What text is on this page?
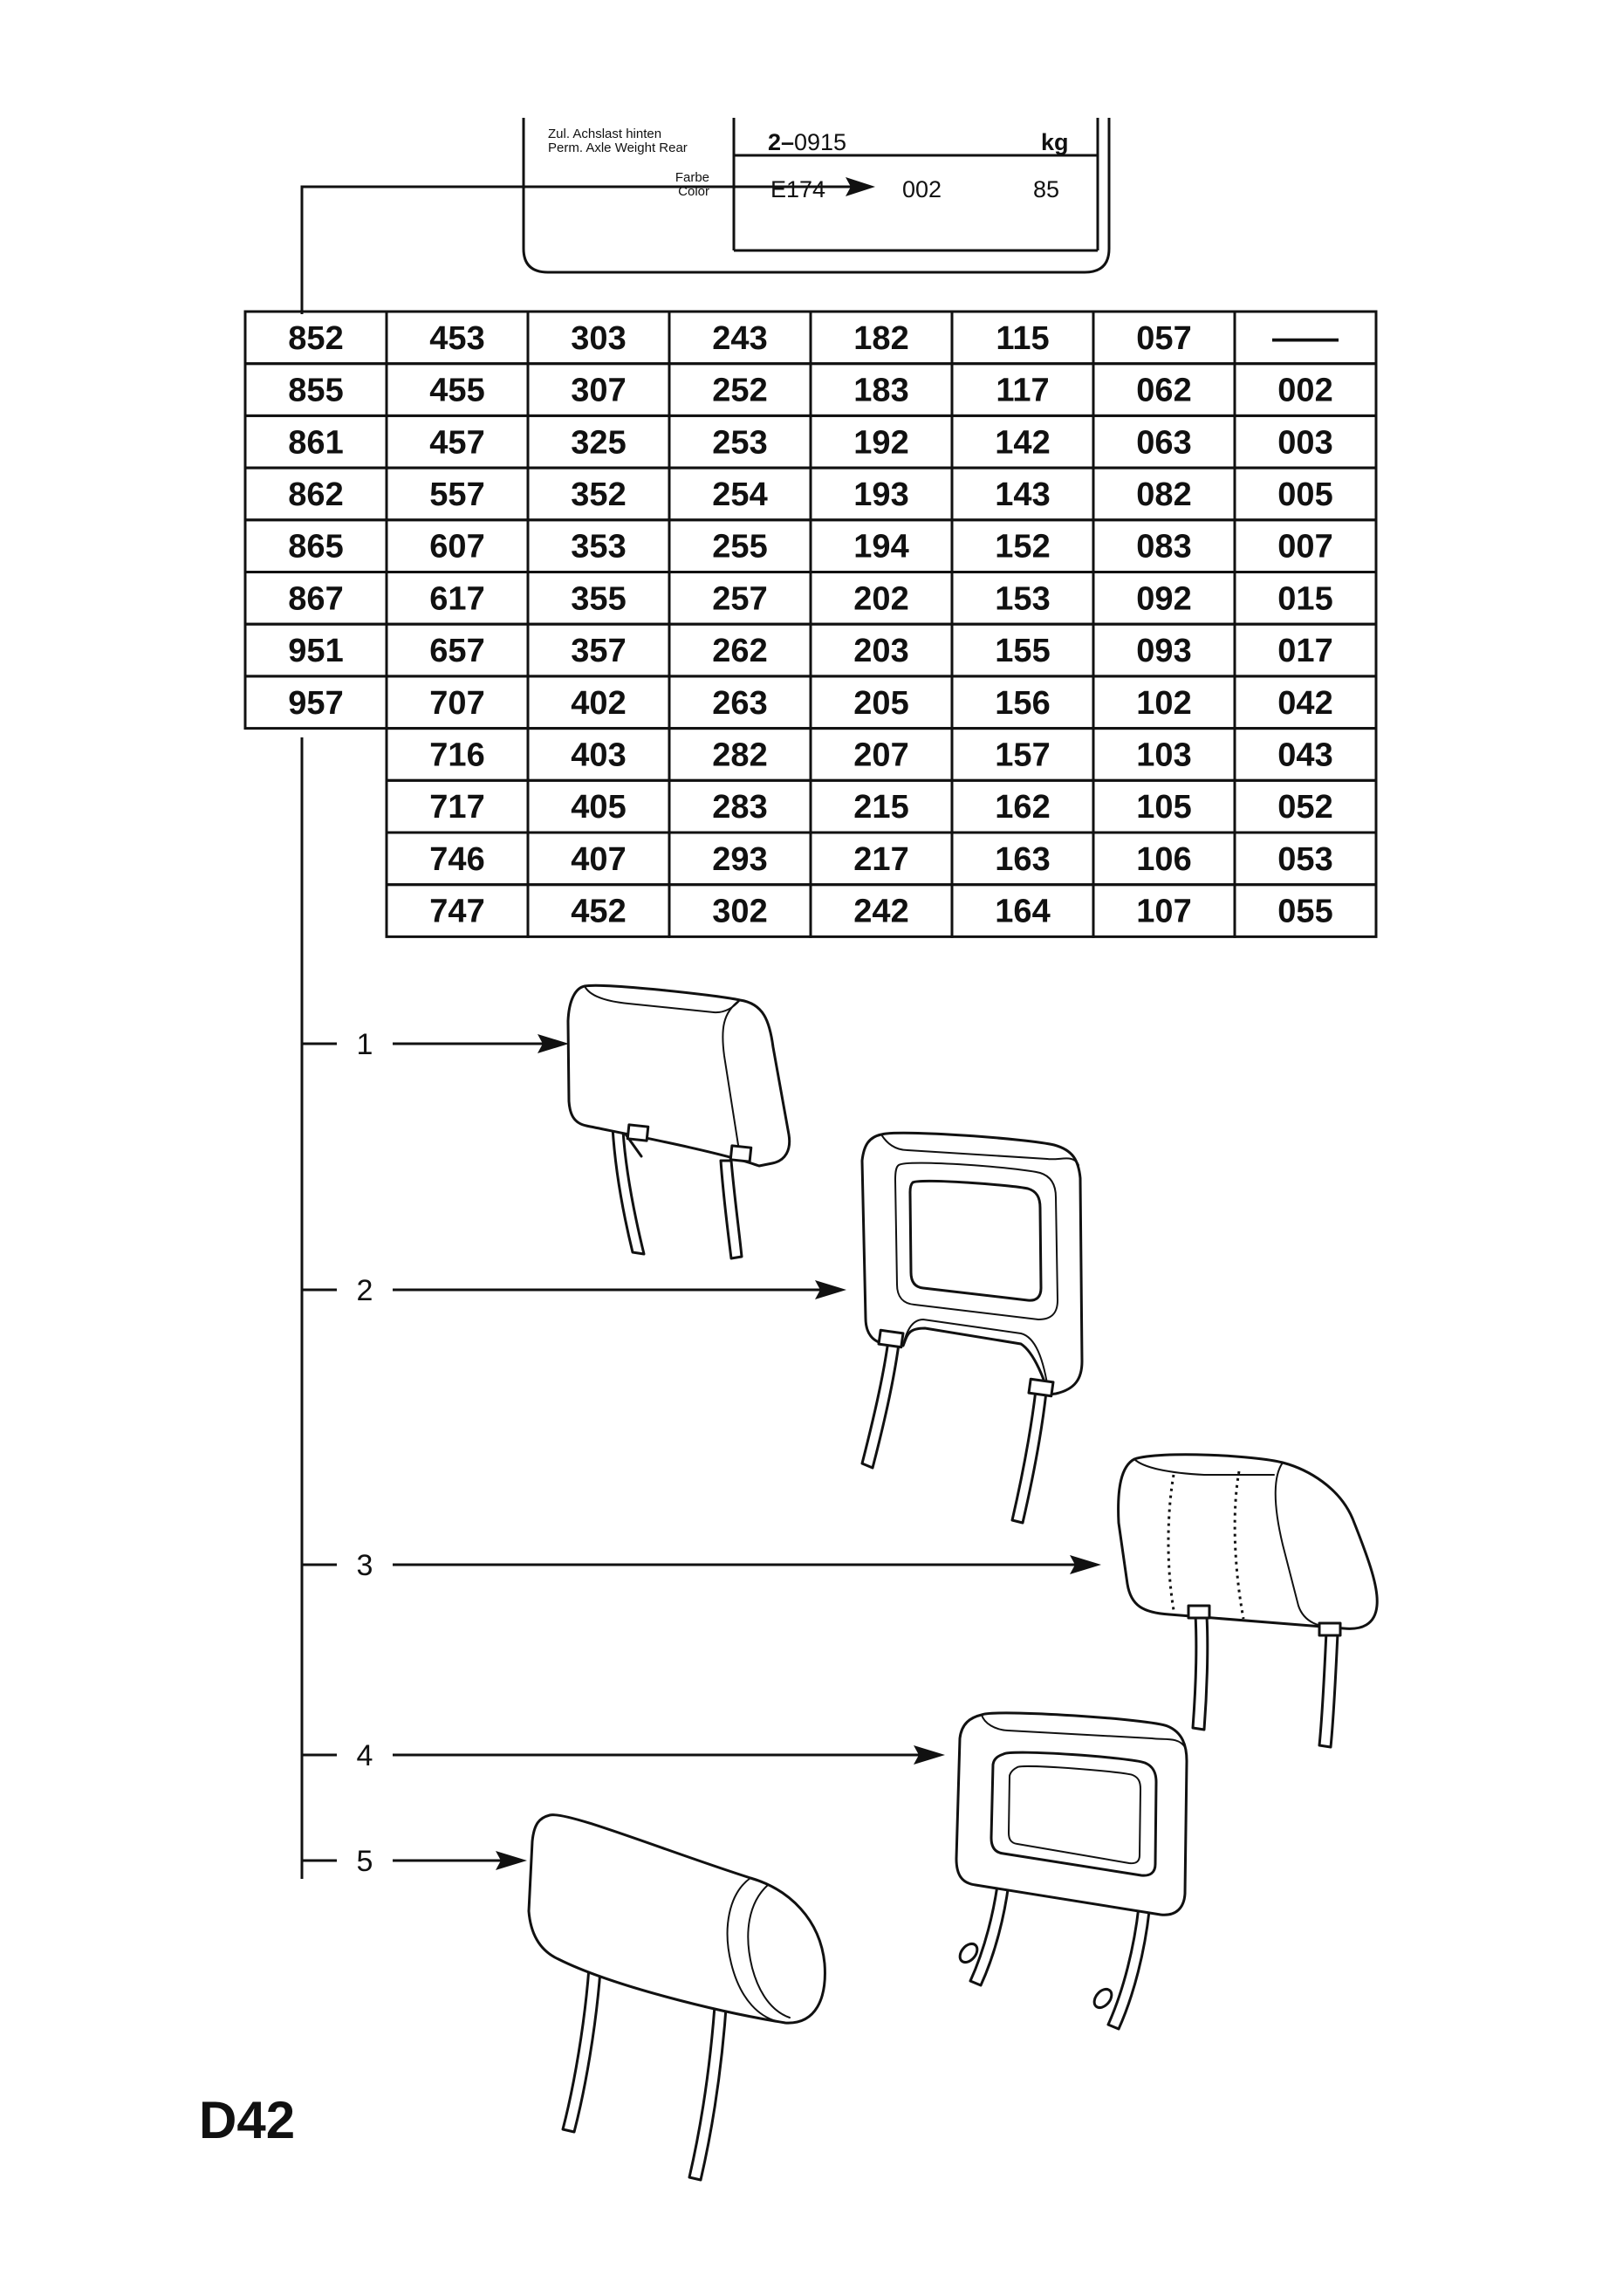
Zul. Achslast hinten
Perm. Axle Weight Rear	2– 0915	kg
Farbe
Color	E174	002	85
852	453	303	243	182	115	057 ——
855	455	307	252	183	117	062	002
861	457	325	253	192	142	063	003
862	557	352	254	193	143	082	005
865	607	353	255	194	152	083	007
867	617	355	257	202	153	092	015
951	657	357	262	203	155	093	017
957	707	402	263	205	156	102	042
716	403	282	207	157	103	043
717	405	283	215	162	105	052
746	407	293	217	163	106	053
747	452	302	242	164	107	055
1
2
3
4
5

D42
